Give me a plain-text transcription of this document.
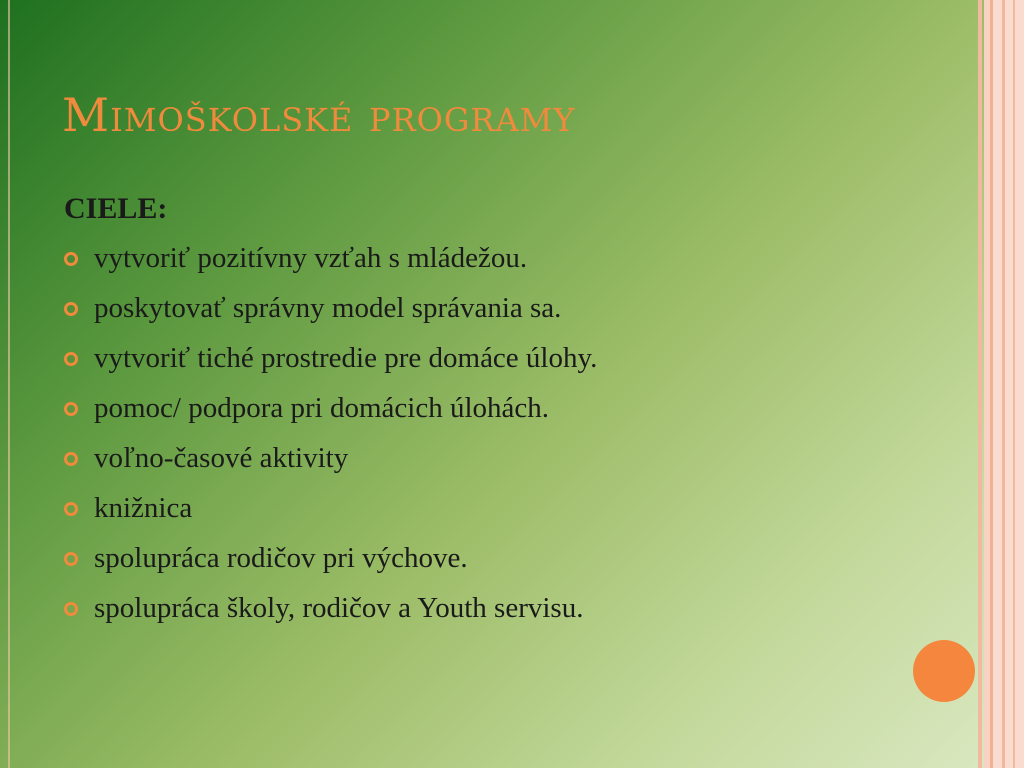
Mimoškolské programy
CIELE:
vytvoriť pozitívny vzťah s mládežou.
poskytovať správny model správania sa.
vytvoriť tiché prostredie pre domáce úlohy.
pomoc/ podpora pri domácich úlohách.
voľno-časové aktivity
knižnica
spolupráca rodičov pri výchove.
spolupráca školy, rodičov a Youth servisu.
